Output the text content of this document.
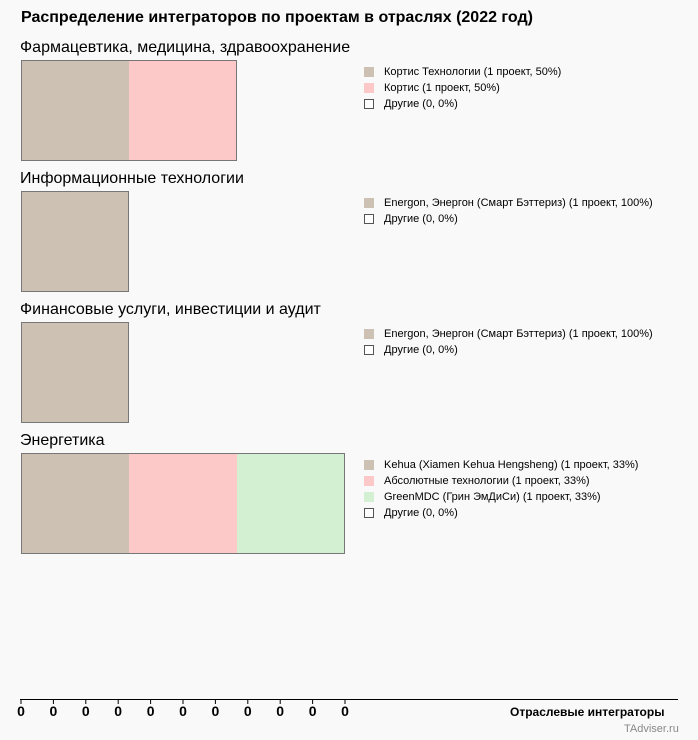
Распределение интеграторов по проектам в отраслях (2022 год)
0 0 0 0 0 0 0 0 0 0 0
Фармацевтика, медицина, здравоохранение
Кортис Технологии (1 проект, 50%)
Кортис (1 проект, 50%)
Другие (0, 0%)
Информационные технологии
Energon, Энергон (Смарт Бэттериз) (1 проект, 100%)
Другие (0, 0%)
Финансовые услуги, инвестиции и аудит
Energon, Энергон (Смарт Бэттериз) (1 проект, 100%)
Другие (0, 0%)
Энергетика
Kehua (Xiamen Kehua Hengsheng) (1 проект, 33%)
Абсолютные технологии (1 проект, 33%)
GreenMDC (Грин ЭмДиСи) (1 проект, 33%)
Другие (0, 0%)
Отраслевые интеграторы
TAdviser.ru
